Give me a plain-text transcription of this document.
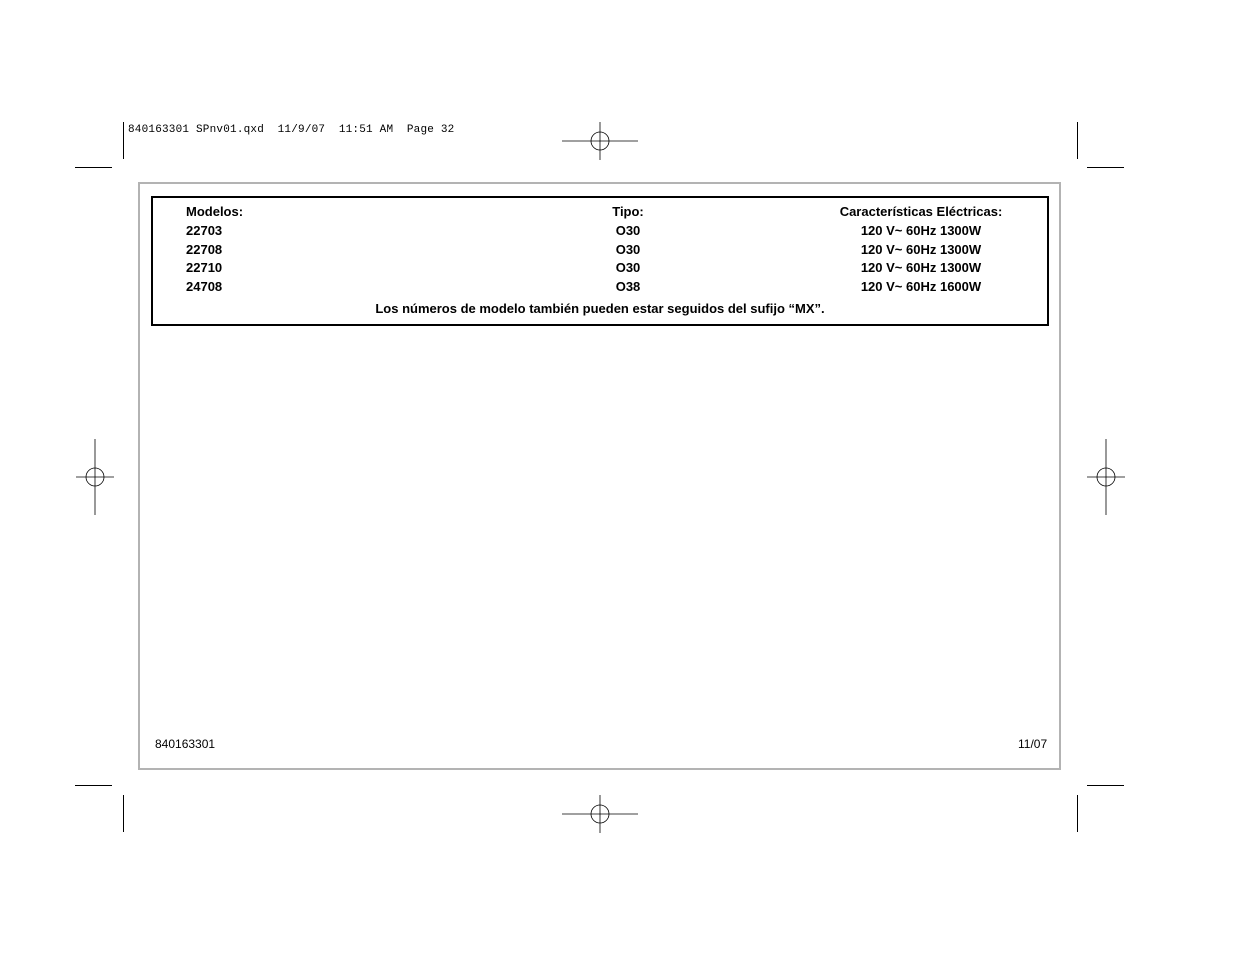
840163301 SPnv01.qxd  11/9/07  11:51 AM  Page 32
Modelos:	Tipo:	Características Eléctricas:
22703	O30	120 V~ 60Hz 1300W
22708	O30	120 V~ 60Hz 1300W
22710	O30	120 V~ 60Hz 1300W
24708	O38	120 V~ 60Hz 1600W
Los números de modelo también pueden estar seguidos del sufijo “MX”.
840163301	11/07
